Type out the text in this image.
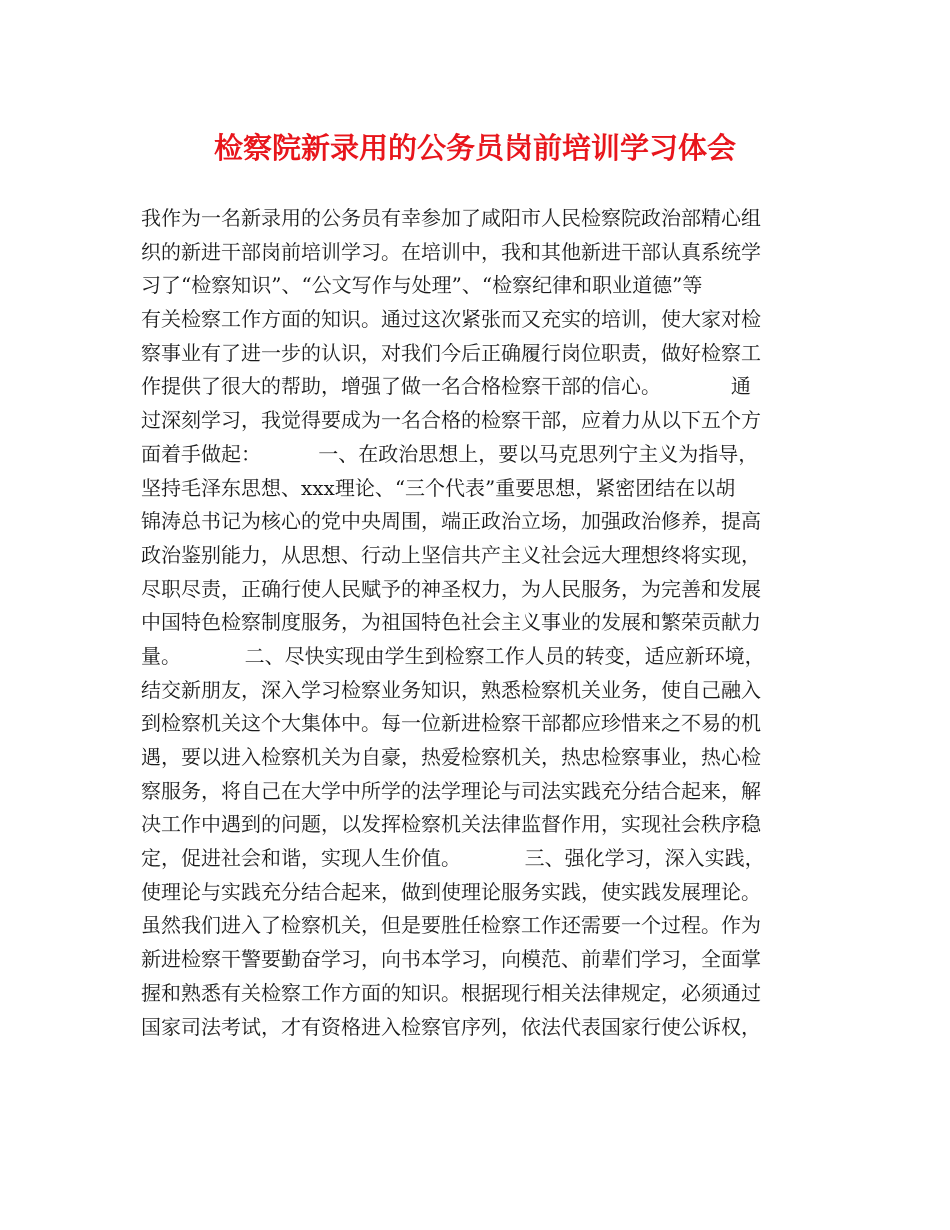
检察院新录用的公务员岗前培训学习体会
我作为一名新录用的公务员有幸参加了咸阳市人民检察院政治部精心组
织的新进干部岗前培训学习。在培训中，我和其他新进干部认真系统学
习了“检察知识”、“公文写作与处理”、“检察纪律和职业道德”等
有关检察工作方面的知识。通过这次紧张而又充实的培训，使大家对检
察事业有了进一步的认识，对我们今后正确履行岗位职责，做好检察工
作提供了很大的帮助，增强了做一名合格检察干部的信心。           通
过深刻学习，我觉得要成为一名合格的检察干部，应着力从以下五个方
面着手做起：         一、在政治思想上，要以马克思列宁主义为指导，
坚持毛泽东思想、xxx理论、“三个代表”重要思想，紧密团结在以胡
锦涛总书记为核心的党中央周围，端正政治立场，加强政治修养，提高
政治鉴别能力，从思想、行动上坚信共产主义社会远大理想终将实现，
尽职尽责，正确行使人民赋予的神圣权力，为人民服务，为完善和发展
中国特色检察制度服务，为祖国特色社会主义事业的发展和繁荣贡献力
量。          二、尽快实现由学生到检察工作人员的转变，适应新环境，
结交新朋友，深入学习检察业务知识，熟悉检察机关业务，使自己融入
到检察机关这个大集体中。每一位新进检察干部都应珍惜来之不易的机
遇，要以进入检察机关为自豪，热爱检察机关，热忠检察事业，热心检
察服务，将自己在大学中所学的法学理论与司法实践充分结合起来，解
决工作中遇到的问题，以发挥检察机关法律监督作用，实现社会秩序稳
定，促进社会和谐，实现人生价值。          三、强化学习，深入实践，
使理论与实践充分结合起来，做到使理论服务实践，使实践发展理论。
虽然我们进入了检察机关，但是要胜任检察工作还需要一个过程。作为
新进检察干警要勤奋学习，向书本学习，向模范、前辈们学习，全面掌
握和熟悉有关检察工作方面的知识。根据现行相关法律规定，必须通过
国家司法考试，才有资格进入检察官序列，依法代表国家行使公诉权，
